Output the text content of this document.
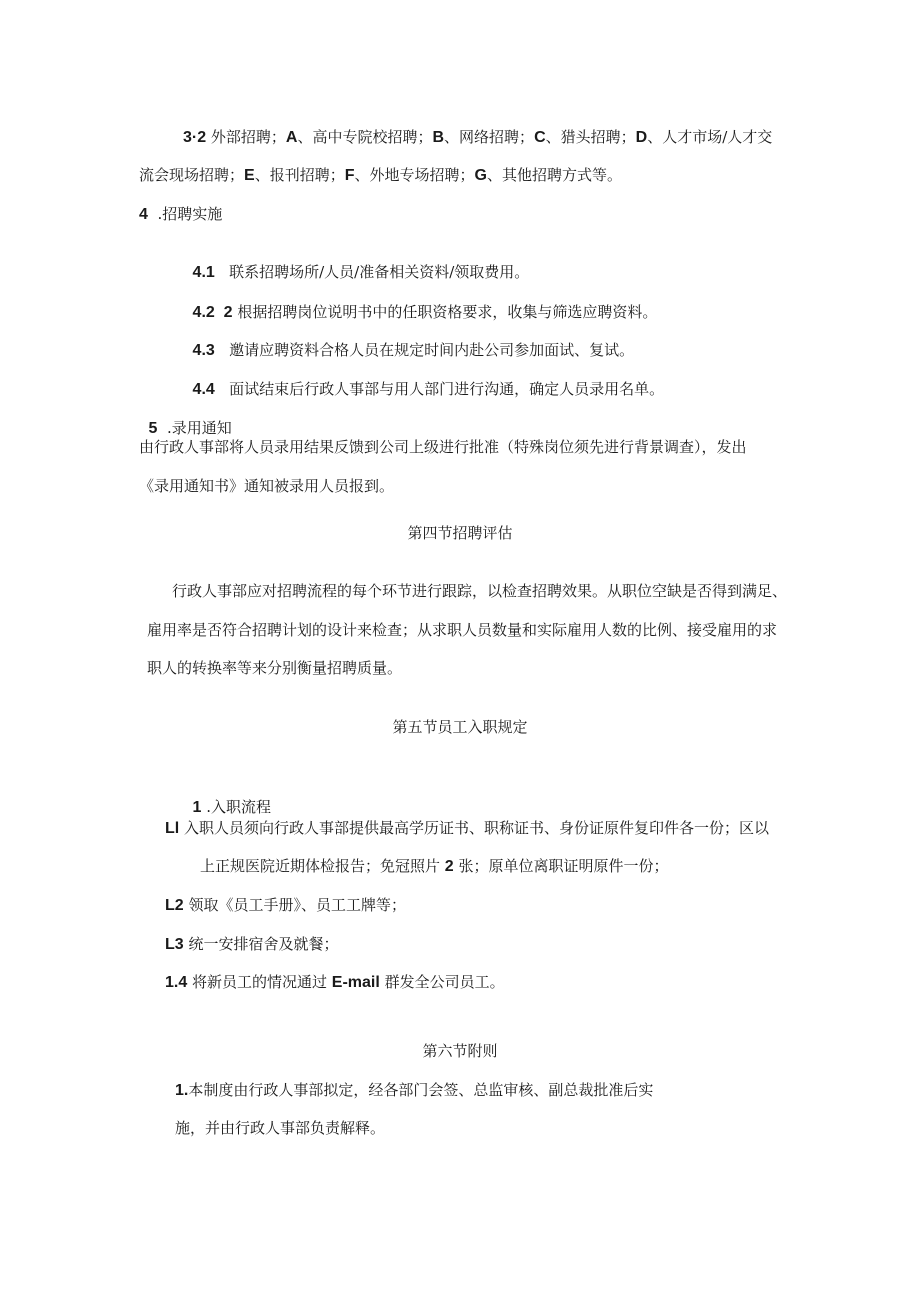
3·2 外部招聘；A、高中专院校招聘；B、网络招聘；C、猎头招聘；D、人才市场/人才交
流会现场招聘；E、报刊招聘；F、外地专场招聘；G、其他招聘方式等。
4  .招聘实施

4.1   联系招聘场所/人员/准备相关资料/领取费用。

4.2  2 根据招聘岗位说明书中的任职资格要求，收集与筛选应聘资料。

4.3   邀请应聘资料合格人员在规定时间内赴公司参加面试、复试。

4.4   面试结束后行政人事部与用人部门进行沟通，确定人员录用名单。

5  .录用通知

由行政人事部将人员录用结果反馈到公司上级进行批准（特殊岗位须先进行背景调查），发出
《录用通知书》通知被录用人员报到。
第四节招聘评估
行政人事部应对招聘流程的每个环节进行跟踪，以检查招聘效果。从职位空缺是否得到满足、
雇用率是否符合招聘计划的设计来检查；从求职人员数量和实际雇用人数的比例、接受雇用的求
职人的转换率等来分别衡量招聘质量。
第五节员工入职规定

1 .入职流程

Ll 入职人员须向行政人事部提供最高学历证书、职称证书、身份证原件复印件各一份；区以
上正规医院近期体检报告；免冠照片 2 张；原单位离职证明原件一份；
L2 领取《员工手册》、员工工牌等；
L3 统一安排宿舍及就餐；
1.4 将新员工的情况通过 E-mail 群发全公司员工。
第六节附则
1.本制度由行政人事部拟定，经各部门会签、总监审核、副总裁批准后实
施，并由行政人事部负责解释。
